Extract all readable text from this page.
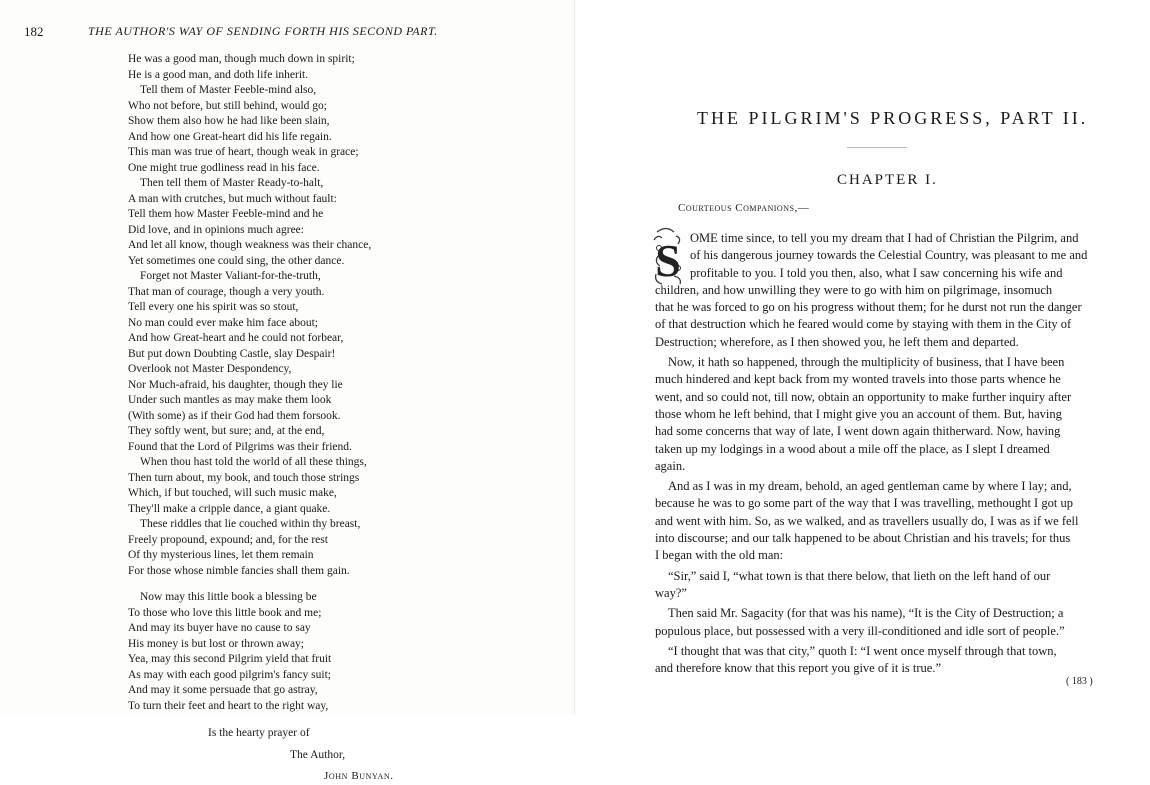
182	THE AUTHOR'S WAY OF SENDING FORTH HIS SECOND PART.
He was a good man, though much down in spirit;
He is a good man, and doth life inherit.
Tell them of Master Feeble-mind also,
Who not before, but still behind, would go;
Show them also how he had like been slain,
And how one Great-heart did his life regain.
This man was true of heart, though weak in grace;
One might true godliness read in his face.
Then tell them of Master Ready-to-halt,
A man with crutches, but much without fault:
Tell them how Master Feeble-mind and he
Did love, and in opinions much agree:
And let all know, though weakness was their chance,
Yet sometimes one could sing, the other dance.
Forget not Master Valiant-for-the-truth,
That man of courage, though a very youth.
Tell every one his spirit was so stout,
No man could ever make him face about;
And how Great-heart and he could not forbear,
But put down Doubting Castle, slay Despair!
Overlook not Master Despondency,
Nor Much-afraid, his daughter, though they lie
Under such mantles as may make them look
(With some) as if their God had them forsook.
They softly went, but sure; and, at the end,
Found that the Lord of Pilgrims was their friend.
When thou hast told the world of all these things,
Then turn about, my book, and touch those strings
Which, if but touched, will such music make,
They'll make a cripple dance, a giant quake.
These riddles that lie couched within thy breast,
Freely propound, expound; and, for the rest
Of thy mysterious lines, let them remain
For those whose nimble fancies shall them gain.
Now may this little book a blessing be
To those who love this little book and me;
And may its buyer have no cause to say
His money is but lost or thrown away;
Yea, may this second Pilgrim yield that fruit
As may with each good pilgrim's fancy suit;
And may it some persuade that go astray,
To turn their feet and heart to the right way,
Is the hearty prayer of
The Author,
John Bunyan.
THE PILGRIM'S PROGRESS, PART II.
CHAPTER I.
Courteous Companions,—
S OME time since, to tell you my dream that I had of Christian the Pilgrim, and
of his dangerous journey towards the Celestial Country, was pleasant to me and
profitable to you. I told you then, also, what I saw concerning his wife and
children, and how unwilling they were to go with him on pilgrimage, insomuch
that he was forced to go on his progress without them; for he durst not run the danger
of that destruction which he feared would come by staying with them in the City of
Destruction; wherefore, as I then showed you, he left them and departed.
Now, it hath so happened, through the multiplicity of business, that I have been
much hindered and kept back from my wonted travels into those parts whence he
went, and so could not, till now, obtain an opportunity to make further inquiry after
those whom he left behind, that I might give you an account of them. But, having
had some concerns that way of late, I went down again thitherward. Now, having
taken up my lodgings in a wood about a mile off the place, as I slept I dreamed
again.
And as I was in my dream, behold, an aged gentleman came by where I lay; and,
because he was to go some part of the way that I was travelling, methought I got up
and went with him. So, as we walked, and as travellers usually do, I was as if we fell
into discourse; and our talk happened to be about Christian and his travels; for thus
I began with the old man:
“Sir,” said I, “what town is that there below, that lieth on the left hand of our
way?”
Then said Mr. Sagacity (for that was his name), “It is the City of Destruction; a
populous place, but possessed with a very ill-conditioned and idle sort of people.”
“I thought that was that city,” quoth I: “I went once myself through that town,
and therefore know that this report you give of it is true.”
( 183 )
